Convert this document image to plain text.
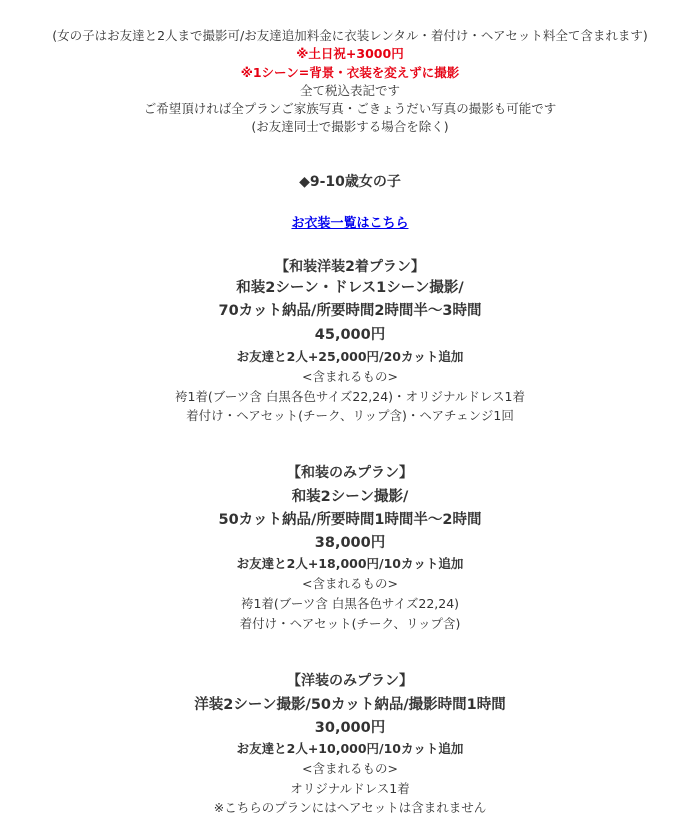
(女の子はお友達と2人まで撮影可/お友達追加料金に衣装レンタル・着付け・ヘアセット料全て含まれます)
※土日祝+3000円
※1シーン=背景・衣装を変えずに撮影
全て税込表記です
ご希望頂ければ全プランご家族写真・ごきょうだい写真の撮影も可能です
(お友達同士で撮影する場合を除く)
◆9-10歳女の子
お衣装一覧はこちら
【和装洋装2着プラン】
和装2シーン・ドレス1シーン撮影/
70カット納品/所要時間2時間半〜3時間
45,000円
お友達と2人+25,000円/20カット追加
<含まれるもの>
袴1着(ブーツ含 白黒各色サイズ22,24)・オリジナルドレス1着
着付け・ヘアセット(チーク、リップ含)・ヘアチェンジ1回
【和装のみプラン】
和装2シーン撮影/
50カット納品/所要時間1時間半〜2時間
38,000円
お友達と2人+18,000円/10カット追加
<含まれるもの>
袴1着(ブーツ含 白黒各色サイズ22,24)
着付け・ヘアセット(チーク、リップ含)
【洋装のみプラン】
洋装2シーン撮影/50カット納品/撮影時間1時間
30,000円
お友達と2人+10,000円/10カット追加
<含まれるもの>
オリジナルドレス1着
※こちらのプランにはヘアセットは含まれません
